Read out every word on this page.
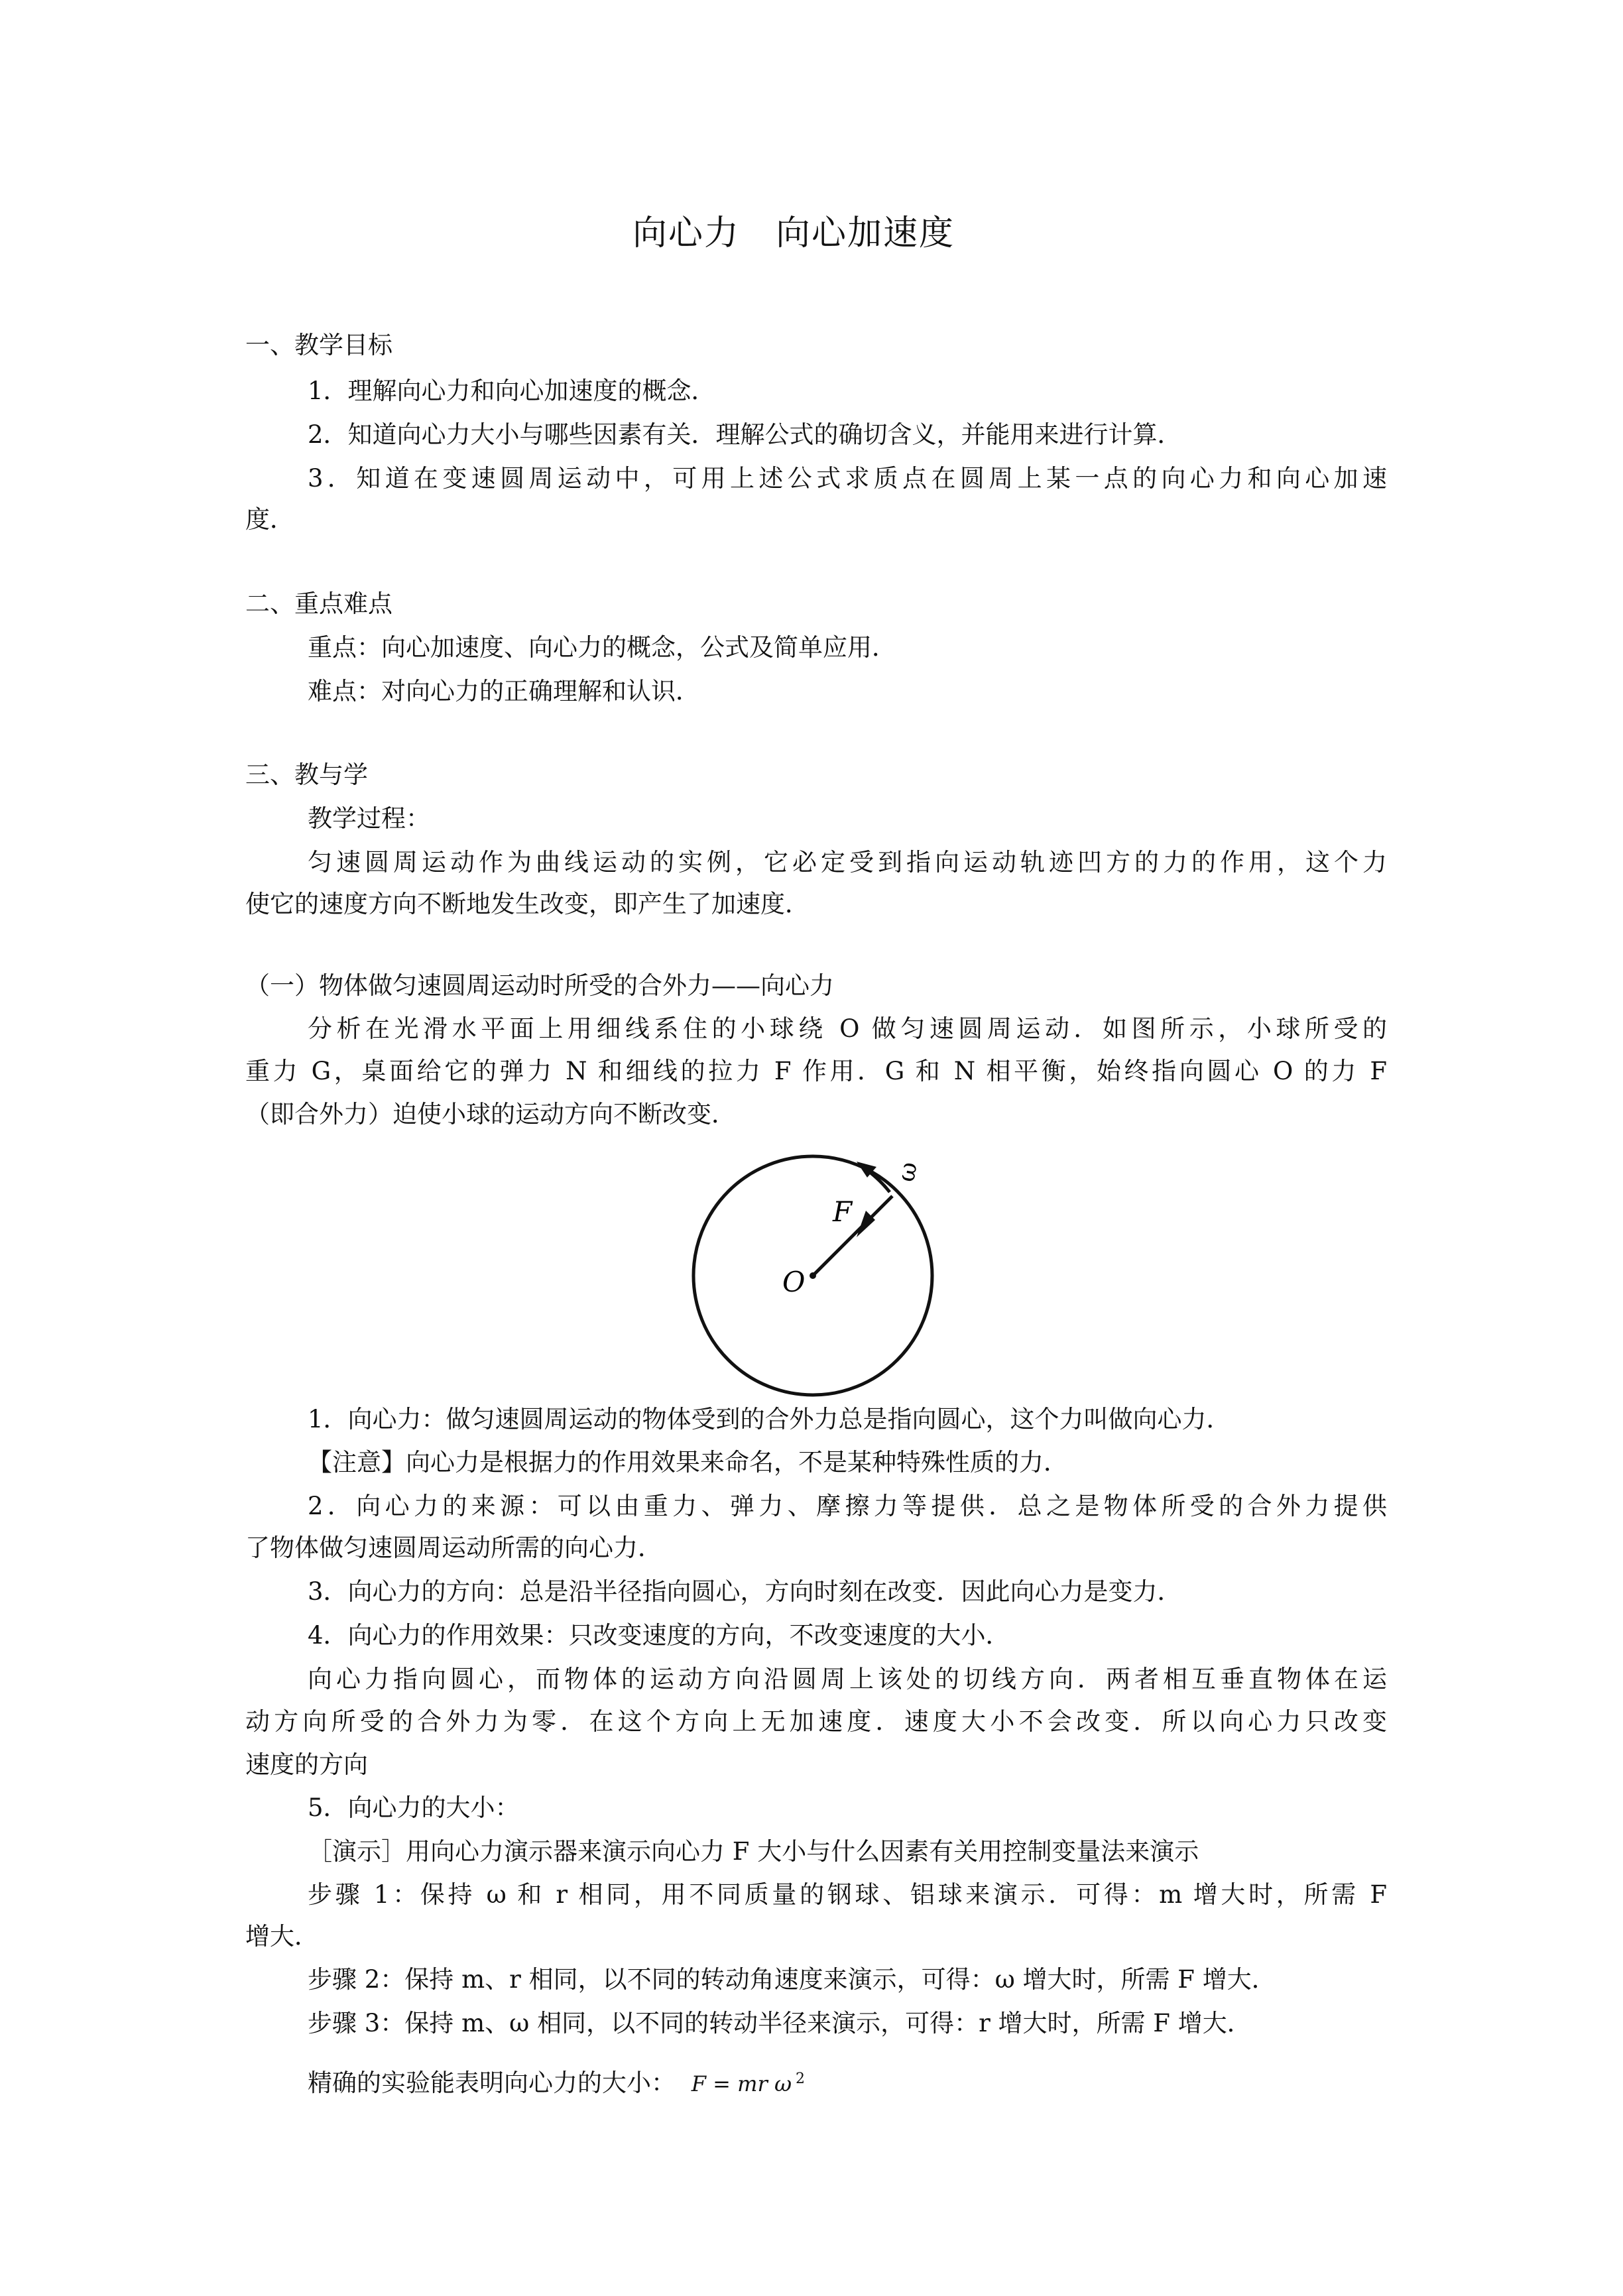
向心力　向心加速度
一、教学目标
1．理解向心力和向心加速度的概念．
2．知道向心力大小与哪些因素有关．理解公式的确切含义，并能用来进行计算．
3．知道在变速圆周运动中，可用上述公式求质点在圆周上某一点的向心力和向心加速
度．
二、重点难点
重点：向心加速度、向心力的概念，公式及简单应用．
难点：对向心力的正确理解和认识．
三、教与学
教学过程：
匀速圆周运动作为曲线运动的实例，它必定受到指向运动轨迹凹方的力的作用，这个力
使它的速度方向不断地发生改变，即产生了加速度．
（一）物体做匀速圆周运动时所受的合外力——向心力
分析在光滑水平面上用细线系住的小球绕 O 做匀速圆周运动．如图所示，小球所受的
重力 G，桌面给它的弹力 N 和细线的拉力 F 作用．G 和 N 相平衡，始终指向圆心 O 的力 F
（即合外力）迫使小球的运动方向不断改变．
ω
F
O
1．向心力：做匀速圆周运动的物体受到的合外力总是指向圆心，这个力叫做向心力．
【注意】向心力是根据力的作用效果来命名，不是某种特殊性质的力．
2．向心力的来源：可以由重力、弹力、摩擦力等提供．总之是物体所受的合外力提供
了物体做匀速圆周运动所需的向心力．
3．向心力的方向：总是沿半径指向圆心，方向时刻在改变．因此向心力是变力．
4．向心力的作用效果：只改变速度的方向，不改变速度的大小．
向心力指向圆心，而物体的运动方向沿圆周上该处的切线方向．两者相互垂直物体在运
动方向所受的合外力为零．在这个方向上无加速度．速度大小不会改变．所以向心力只改变
速度的方向
5．向心力的大小：
［演示］用向心力演示器来演示向心力 F 大小与什么因素有关用控制变量法来演示
步骤 1：保持 ω 和 r 相同，用不同质量的钢球、铝球来演示．可得：m 增大时，所需 F
增大．
步骤 2：保持 m、r 相同，以不同的转动角速度来演示，可得：ω 增大时，所需 F 增大．
步骤 3：保持 m、ω 相同，以不同的转动半径来演示，可得：r 增大时，所需 F 增大．
精确的实验能表明向心力的大小： F = mr ω $^2$
